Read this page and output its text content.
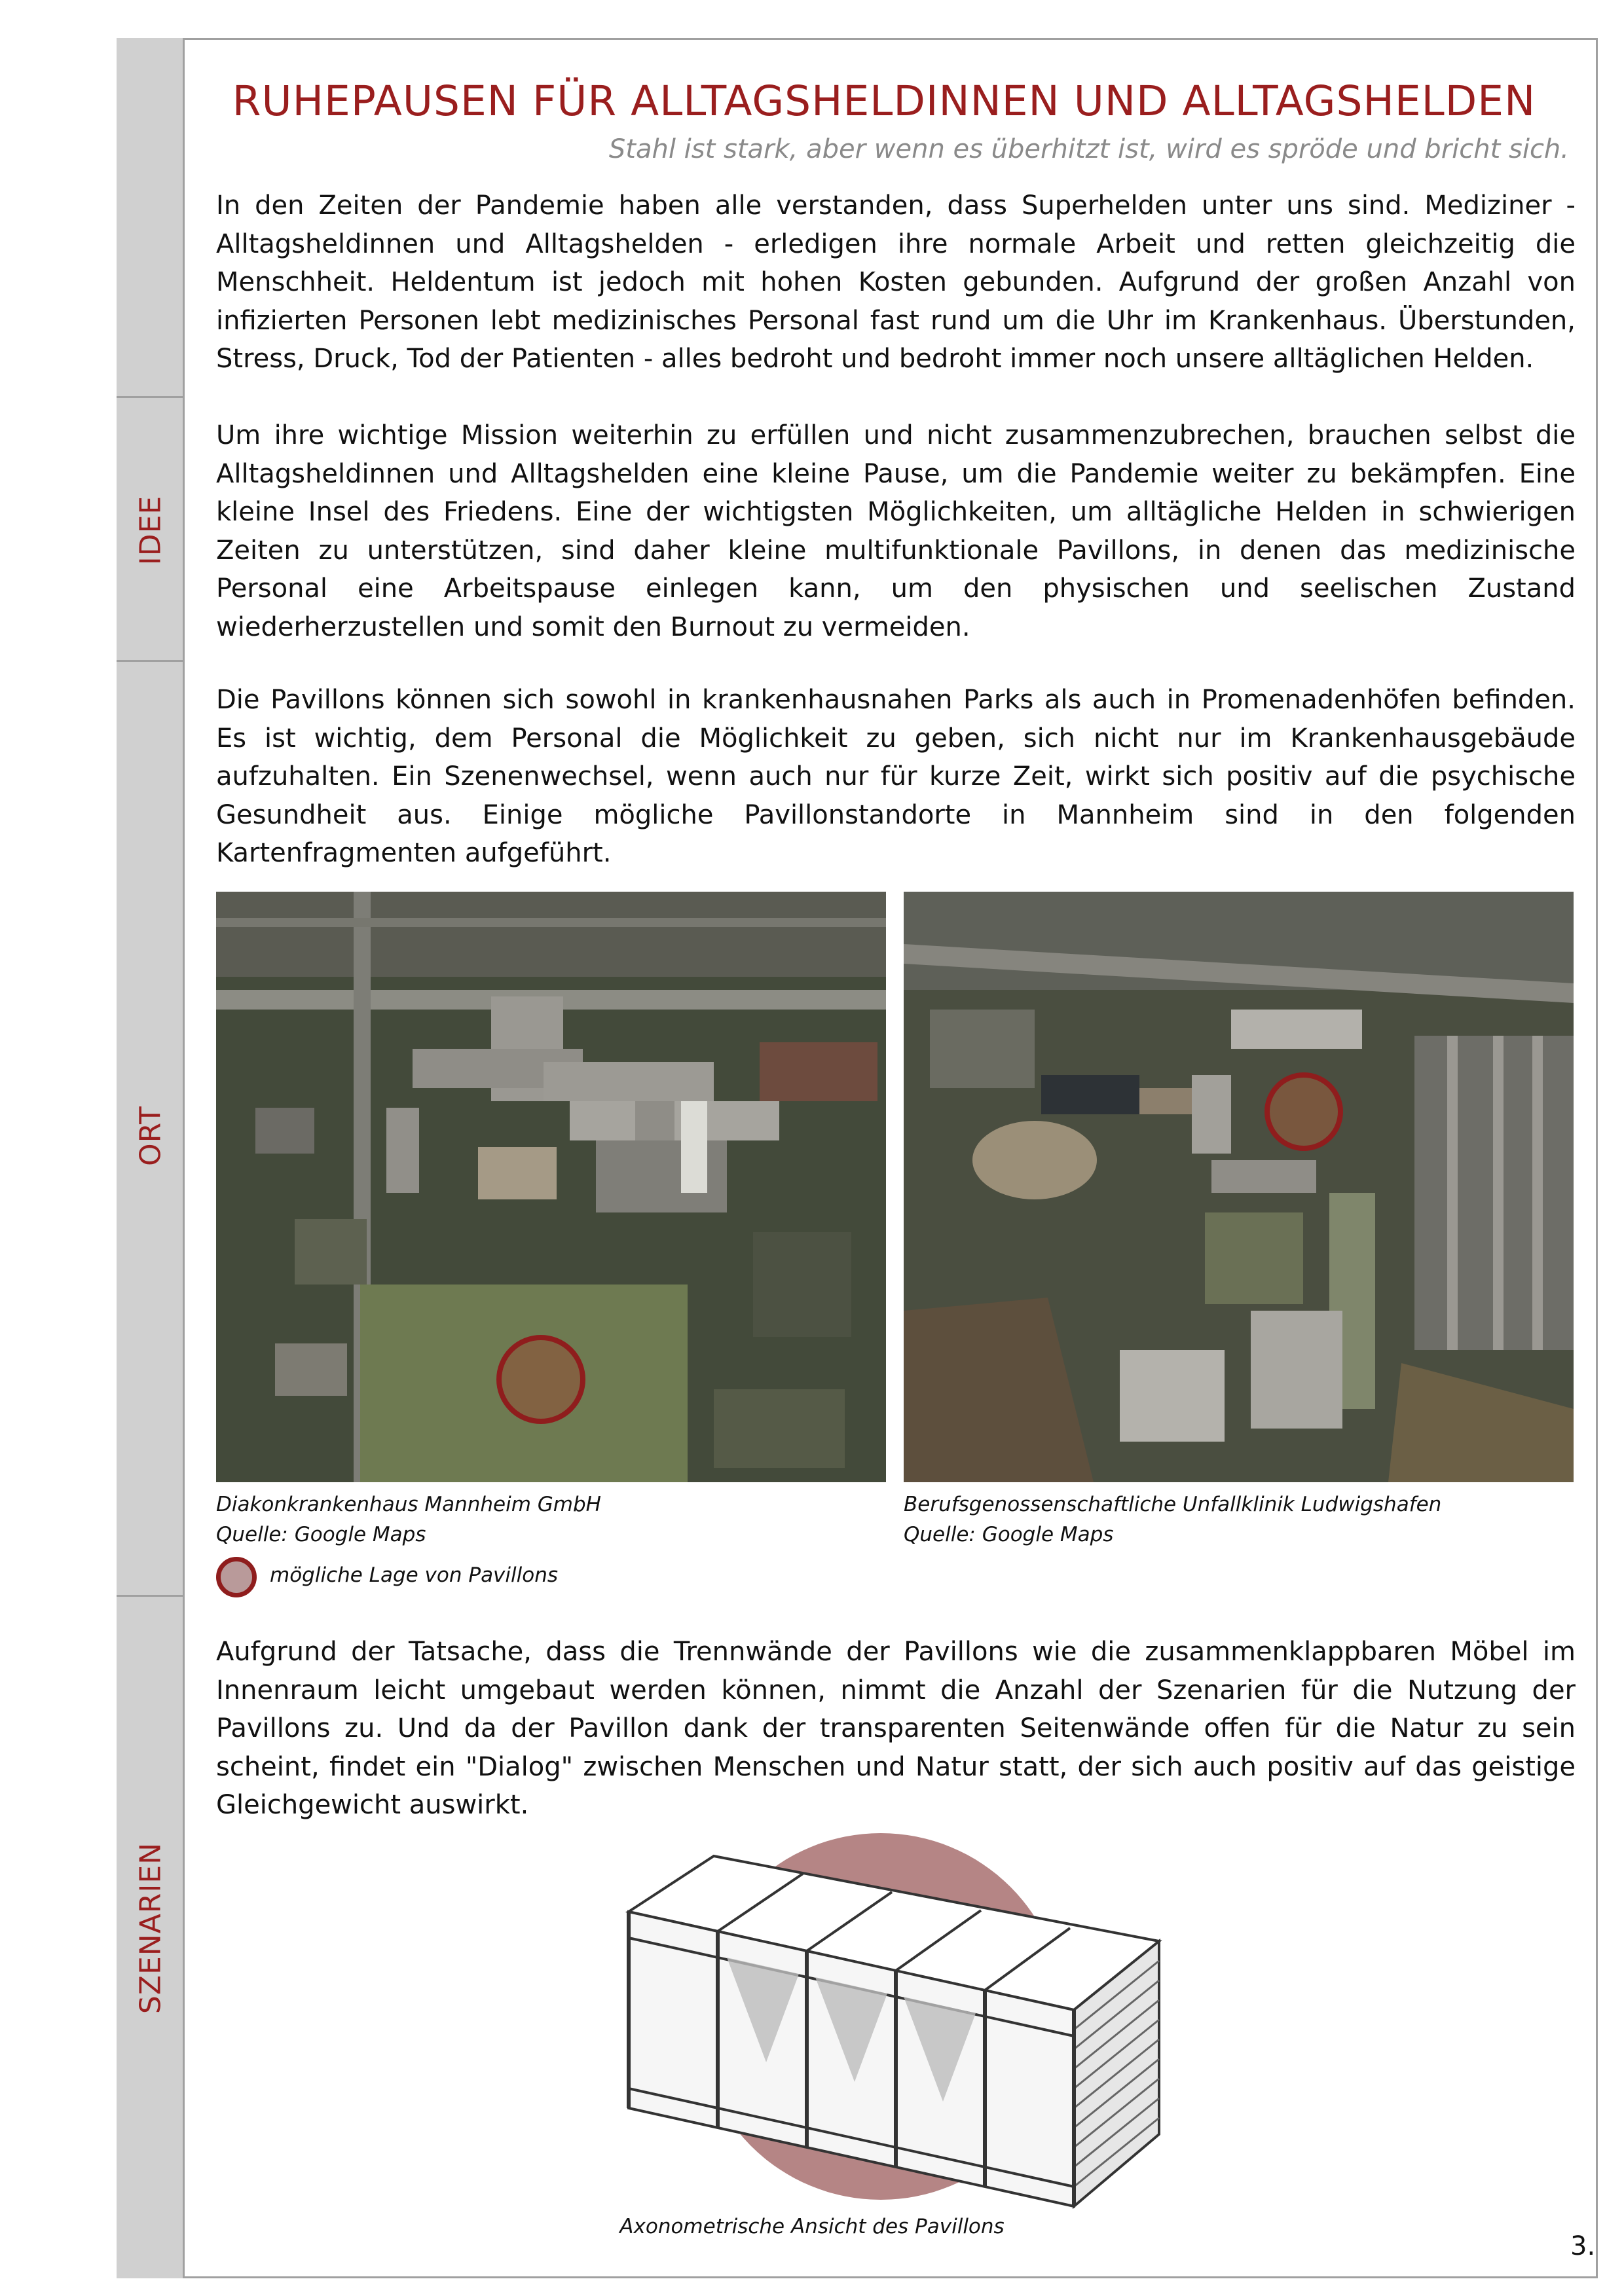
IDEE
ORT
SZENARIEN
RUHEPAUSEN FÜR ALLTAGSHELDINNEN UND ALLTAGSHELDEN
Stahl ist stark, aber wenn es überhitzt ist, wird es spröde und bricht sich.

In den Zeiten der Pandemie haben alle verstanden, dass Superhelden unter uns sind. Mediziner - Alltagsheldinnen und Alltagshelden - erledigen ihre normale Arbeit und retten gleichzeitig die Menschheit. Heldentum ist jedoch mit hohen Kosten gebunden. Aufgrund der großen Anzahl von infizierten Personen lebt medizinisches Personal fast rund um die Uhr im Krankenhaus. Überstunden, Stress, Druck, Tod der Patienten - alles bedroht und bedroht immer noch unsere alltäglichen Helden.

Um ihre wichtige Mission weiterhin zu erfüllen und nicht zusammenzubrechen, brauchen selbst die Alltagsheldinnen und Alltagshelden eine kleine Pause, um die Pandemie weiter zu bekämpfen. Eine kleine Insel des Friedens. Eine der wichtigsten Möglichkeiten, um alltägliche Helden in schwierigen Zeiten zu unterstützen, sind daher kleine multifunktionale Pavillons, in denen das medizinische Personal eine Arbeitspause einlegen kann, um den physischen und seelischen Zustand wiederherzustellen und somit den Burnout zu vermeiden.

Die Pavillons können sich sowohl in krankenhausnahen Parks als auch in Promenadenhöfen befinden. Es ist wichtig, dem Personal die Möglichkeit zu geben, sich nicht nur im Krankenhausgebäude aufzuhalten. Ein Szenenwechsel, wenn auch nur für kurze Zeit, wirkt sich positiv auf die psychische Gesundheit aus. Einige mögliche Pavillonstandorte in Mannheim sind in den folgenden Kartenfragmenten aufgeführt.

Diakonkrankenhaus Mannheim GmbH
Quelle: Google Maps
Berufsgenossenschaftliche Unfallklinik Ludwigshafen
Quelle: Google Maps
mögliche Lage von Pavillons

Aufgrund der Tatsache, dass die Trennwände der Pavillons wie die zusammenklappbaren Möbel im Innenraum leicht umgebaut werden können, nimmt die Anzahl der Szenarien für die Nutzung der Pavillons zu. Und da der Pavillon dank der transparenten Seitenwände offen für die Natur zu sein scheint, findet ein "Dialog" zwischen Menschen und Natur statt, der sich auch positiv auf das geistige Gleichgewicht auswirkt.

Axonometrische Ansicht des Pavillons
3.
